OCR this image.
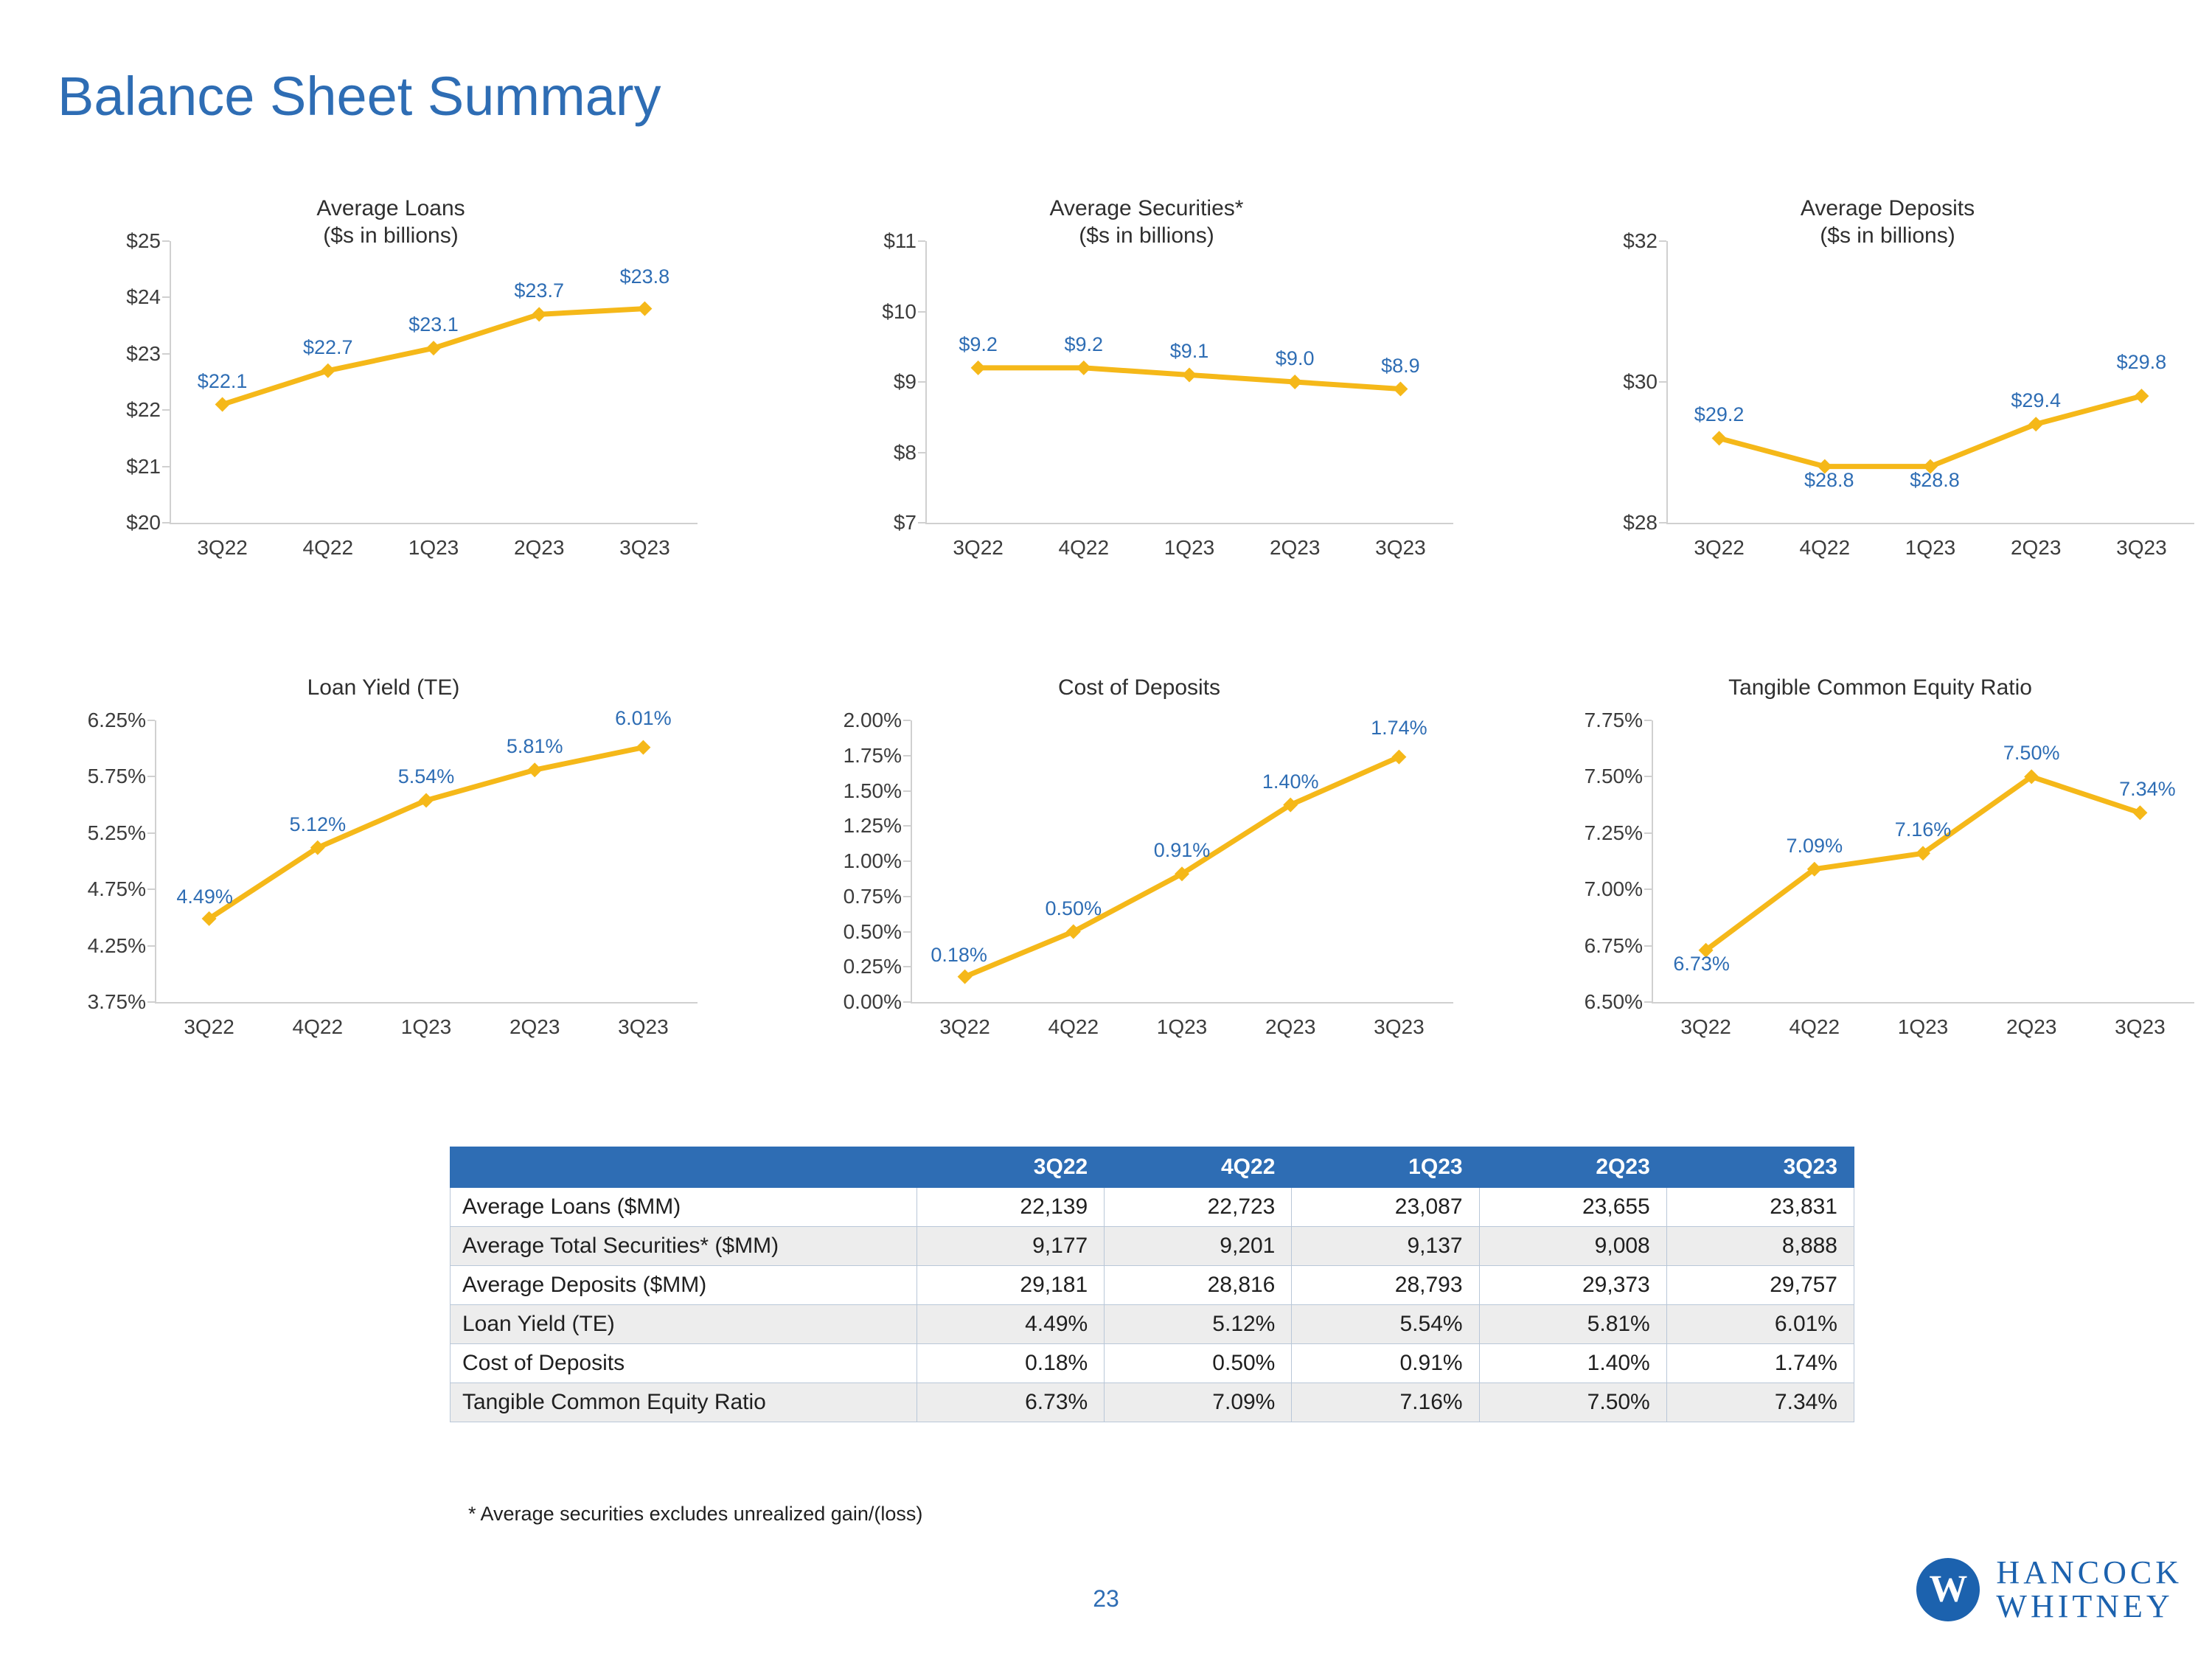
Balance Sheet Summary
Average Loans
($s in billions)
$20
$21
$22
$23
$24
$25
3Q22	4Q22	1Q23	2Q23	3Q23
$22.1
$22.7
$23.1
$23.7
$23.8
Average Securities*
($s in billions)
$7
$8
$9
$10
$11
3Q22	4Q22	1Q23	2Q23	3Q23
$9.2	$9.2	$9.1	$9.0	$8.9
Average Deposits
($s in billions)
$28
$30
$32
3Q22	4Q22	1Q23	2Q23	3Q23
$29.2
$28.8	$28.8
$29.4
$29.8
Loan Yield (TE)
3.75%
4.25%
4.75%
5.25%
5.75%
6.25%
3Q22	4Q22	1Q23	2Q23	3Q23
4.49%
5.12%
5.54%
5.81%
6.01%
Cost of Deposits
0.00%
0.25%
0.50%
0.75%
1.00%
1.25%
1.50%
1.75%
2.00%
3Q22	4Q22	1Q23	2Q23	3Q23
0.18%
0.50%
0.91%
1.40%
1.74%
Tangible Common Equity Ratio
6.50%
6.75%
7.00%
7.25%
7.50%
7.75%
3Q22	4Q22	1Q23	2Q23	3Q23
6.73%
7.09%
7.16%
7.50%
7.34%
	3Q22	4Q22	1Q23	2Q23	3Q23
Average Loans ($MM)	22,139	22,723	23,087	23,655	23,831
Average Total Securities* ($MM)	9,177	9,201	9,137	9,008	8,888
Average Deposits ($MM)	29,181	28,816	28,793	29,373	29,757
Loan Yield (TE)	4.49%	5.12%	5.54%	5.81%	6.01%
Cost of Deposits	0.18%	0.50%	0.91%	1.40%	1.74%
Tangible Common Equity Ratio	6.73%	7.09%	7.16%	7.50%	7.34%
* Average securities excludes unrealized gain/(loss)
23	W HANCOCK
WHITNEY
